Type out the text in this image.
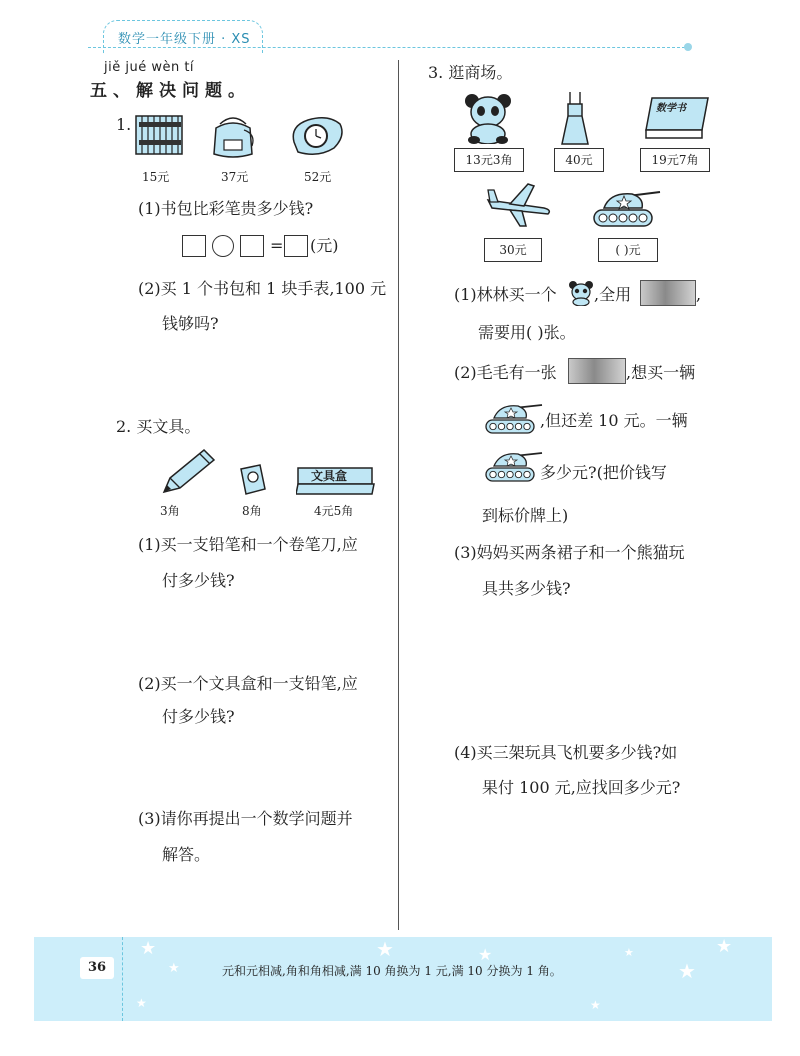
数学一年级下册 · XS
jiě jué wèn tí
五、解决问题。
1.
15元	37元	52元
(1)书包比彩笔贵多少钱?
= (元)
(2)买 1 个书包和 1 块手表,100 元
钱够吗?
2. 买文具。
文具盒
3角	8角	4元5角
(1)买一支铅笔和一个卷笔刀,应
付多少钱?
(2)买一个文具盒和一支铅笔,应
付多少钱?
(3)请你再提出一个数学问题并
解答。
3. 逛商场。
数学书
13元3角	40元	19元7角
30元	( )元
(1)林林买一个 ,全用	,
需要用( )张。
(2)毛毛有一张	,想买一辆
,但还差 10 元。一辆
多少元?(把价钱写
到标价牌上)
(3)妈妈买两条裙子和一个熊猫玩
具共多少钱?
(4)买三架玩具飞机要多少钱?如
果付 100 元,应找回多少元?
36	元和元相减,角和角相减,满 10 角换为 1 元,满 10 分换为 1 角。
★
★
★
★	★
★
★
★
★
